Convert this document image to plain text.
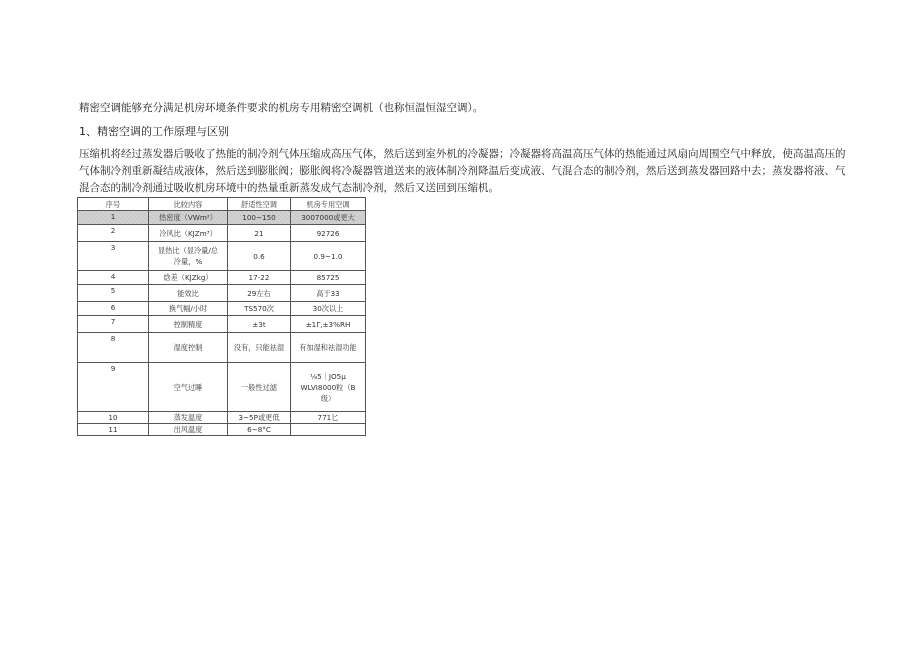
精密空调能够充分满足机房环境条件要求的机房专用精密空调机（也称恒温恒湿空调）。
1、精密空调的工作原理与区别
压缩机将经过蒸发器后吸收了热能的制冷剂气体压缩成高压气体，然后送到室外机的冷凝器；冷凝器将高温高压气体的热能通过风扇向周围空气中释放，使高温高压的
气体制冷剂重新凝结成液体，然后送到膨胀阀；膨胀阀将冷凝器管道送来的液体制冷剂降温后变成液、气混合态的制冷剂，然后送到蒸发器回路中去；蒸发器将液、气
混合态的制冷剂通过吸收机房环境中的热量重新蒸发成气态制冷剂，然后又送回到压缩机。
序号	比较内容	舒适性空调	机房专用空调
1	热密度（VWm²）	100~150	3007000或更大

2	冷风比（KJZm³）	21	92726

3	显热比（显冷量/总
冷量，%	0.6	0.9~1.0

4	焓差（KJZkg）	17-22	85725

5	能效比	29左右	高于33

6	换气幅/小时	TS570次	30次以上

7	控制精度	±3t	±1Γ,±3%RH

8	湿度控制	没有，只能祛湿	有加湿和祛湿功能

9	空气过睡	一般性过滤	⅛5｜JO5μ
WLVI8000粒（B
级）

10	蒸发温度	3~5P或更低	771匕

11	出风温度	6~8°C	
